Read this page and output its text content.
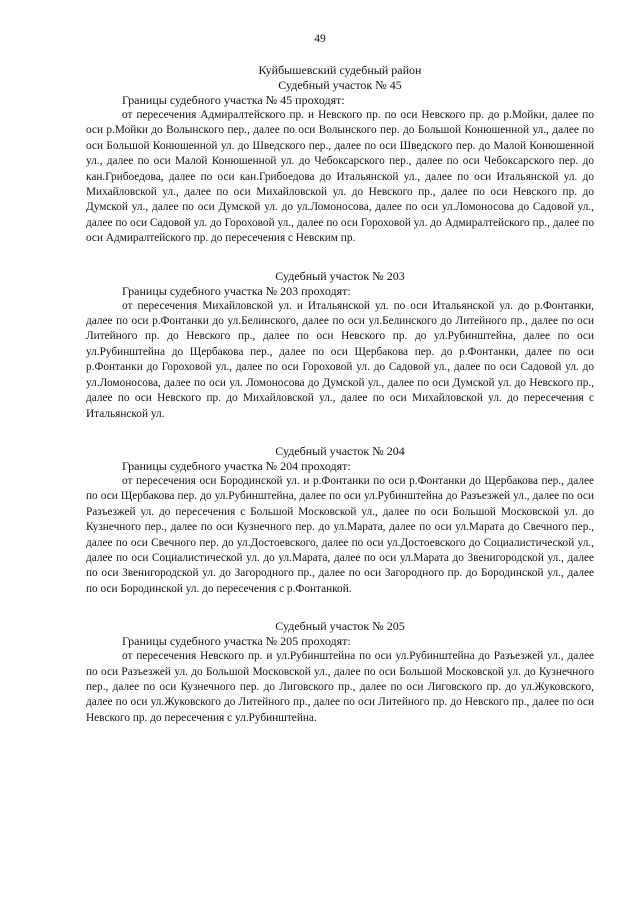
49

Куйбышевский судебный район

Судебный участок № 45

Границы судебного участка № 45 проходят:

от пересечения Адмиралтейского пр. и Невского пр. по оси Невского пр. до р.Мойки, далее по оси р.Мойки до Волынского пер., далее по оси Волынского пер. до Большой Конюшенной ул., далее по оси Большой Конюшенной ул. до Шведского пер., далее по оси Шведского пер. до Малой Конюшенной ул., далее по оси Малой Конюшенной ул. до Чебоксарского пер., далее по оси Чебоксарского пер. до кан.Грибоедова, далее по оси кан.Грибоедова до Итальянской ул., далее по оси Итальянской ул. до Михайловской ул., далее по оси Михайловской ул. до Невского пр., далее по оси Невского пр. до Думской ул., далее по оси Думской ул. до ул.Ломоносова, далее по оси ул.Ломоносова до Садовой ул., далее по оси Садовой ул. до Гороховой ул., далее по оси Гороховой ул. до Адмиралтейского пр., далее по оси Адмиралтейского пр. до пересечения с Невским пр.

Судебный участок № 203

Границы судебного участка № 203 проходят:

от пересечения Михайловской ул. и Итальянской ул. по оси Итальянской ул. до р.Фонтанки, далее по оси р.Фонтанки до ул.Белинского, далее по оси ул.Белинского до Литейного пр., далее по оси Литейного пр. до Невского пр., далее по оси Невского пр. до ул.Рубинштейна, далее по оси ул.Рубинштейна до Щербакова пер., далее по оси Щербакова пер. до р.Фонтанки, далее по оси р.Фонтанки до Гороховой ул., далее по оси Гороховой ул. до Садовой ул., далее по оси Садовой ул. до ул.Ломоносова, далее по оси ул. Ломоносова до Думской ул., далее по оси Думской ул. до Невского пр., далее по оси Невского пр. до Михайловской ул., далее по оси Михайловской ул. до пересечения с Итальянской ул.

Судебный участок № 204

Границы судебного участка № 204 проходят:

от пересечения оси Бородинской ул. и р.Фонтанки по оси р.Фонтанки до Щербакова пер., далее по оси Щербакова пер. до ул.Рубинштейна, далее по оси ул.Рубинштейна до Разъезжей ул., далее по оси Разъезжей ул. до пересечения с Большой Московской ул., далее по оси Большой Московской ул. до Кузнечного пер., далее по оси Кузнечного пер. до ул.Марата, далее по оси ул.Марата до Свечного пер., далее по оси Свечного пер. до ул.Достоевского, далее по оси ул.Достоевского до Социалистической ул., далее по оси Социалистической ул. до ул.Марата, далее по оси ул.Марата до Звенигородской ул., далее по оси Звенигородской ул. до Загородного пр., далее по оси Загородного пр. до Бородинской ул., далее по оси Бородинской ул. до пересечения с р.Фонтанкой.

Судебный участок № 205

Границы судебного участка № 205 проходят:

от пересечения Невского пр. и ул.Рубинштейна по оси ул.Рубинштейна до Разъезжей ул., далее по оси Разъезжей ул. до Большой Московской ул., далее по оси Большой Московской ул. до Кузнечного пер., далее по оси Кузнечного пер. до Лиговского пр., далее по оси Лиговского пр. до ул.Жуковского, далее по оси ул.Жуковского до Литейного пр., далее по оси Литейного пр. до Невского пр., далее по оси Невского пр. до пересечения с ул.Рубинштейна.
